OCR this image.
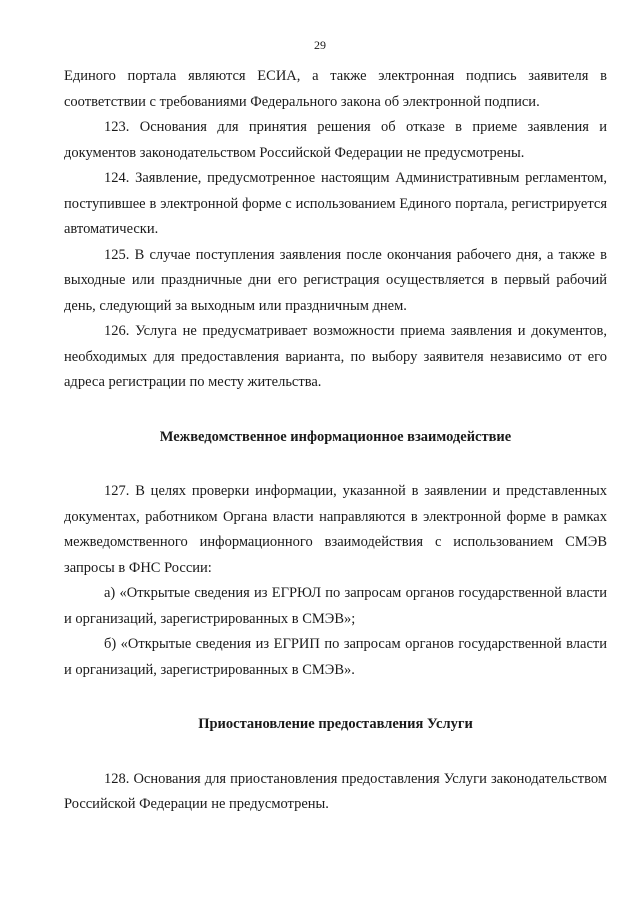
29

Единого портала являются ЕСИА, а также электронная подпись заявителя в соответствии с требованиями Федерального закона об электронной подписи.

123. Основания для принятия решения об отказе в приеме заявления и документов законодательством Российской Федерации не предусмотрены.

124. Заявление, предусмотренное настоящим Административным регламентом, поступившее в электронной форме с использованием Единого портала, регистрируется автоматически.

125. В случае поступления заявления после окончания рабочего дня, а также в выходные или праздничные дни его регистрация осуществляется в первый рабочий день, следующий за выходным или праздничным днем.

126. Услуга не предусматривает возможности приема заявления и документов, необходимых для предоставления варианта, по выбору заявителя независимо от его адреса регистрации по месту жительства.

Межведомственное информационное взаимодействие

127. В целях проверки информации, указанной в заявлении и представленных документах, работником Органа власти направляются в электронной форме в рамках межведомственного информационного взаимодействия с использованием СМЭВ запросы в ФНС России:

а) «Открытые сведения из ЕГРЮЛ по запросам органов государственной власти и организаций, зарегистрированных в СМЭВ»;

б) «Открытые сведения из ЕГРИП по запросам органов государственной власти и организаций, зарегистрированных в СМЭВ».

Приостановление предоставления Услуги

128. Основания для приостановления предоставления Услуги законодательством Российской Федерации не предусмотрены.
